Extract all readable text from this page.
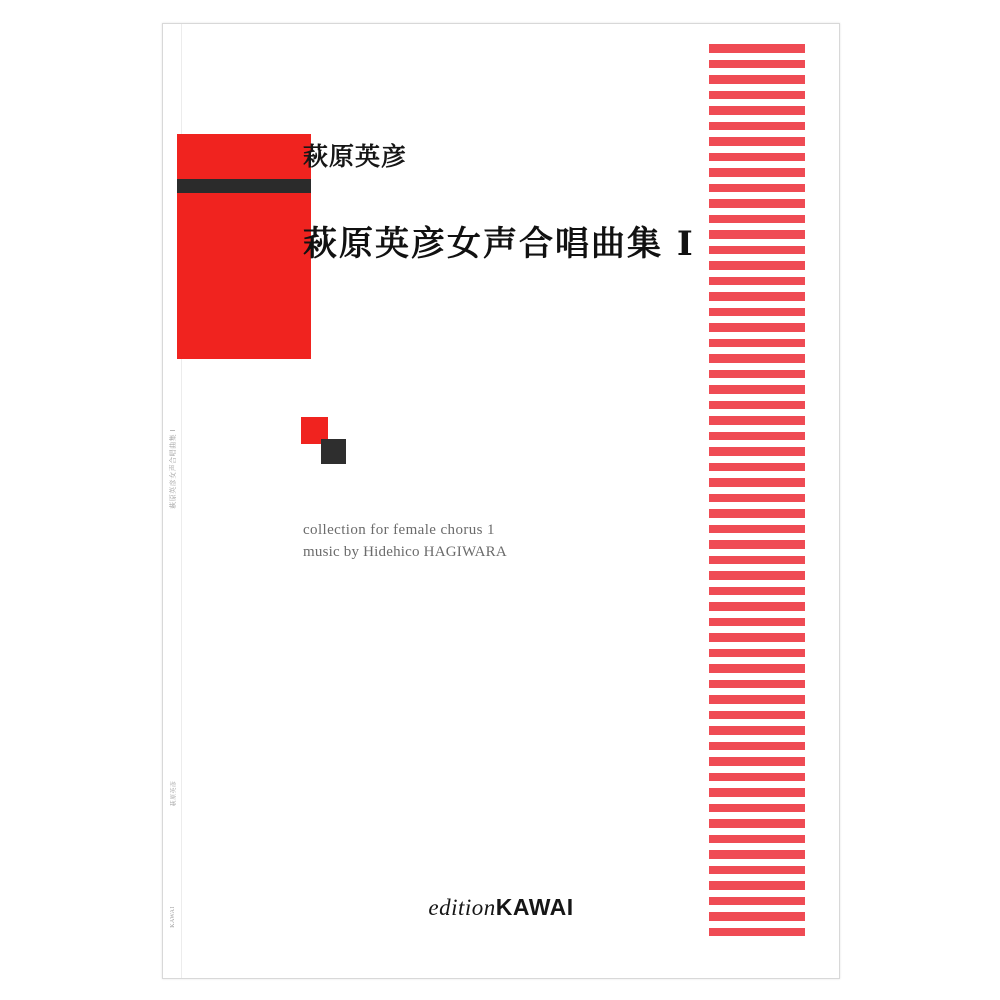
萩原英彦女声合唱曲集 Ⅰ
萩原英彦
KAWAI
萩原英彦
萩原英彦女声合唱曲集 Ⅰ
collection for female chorus 1
music by Hidehico HAGIWARA
editionKAWAI
